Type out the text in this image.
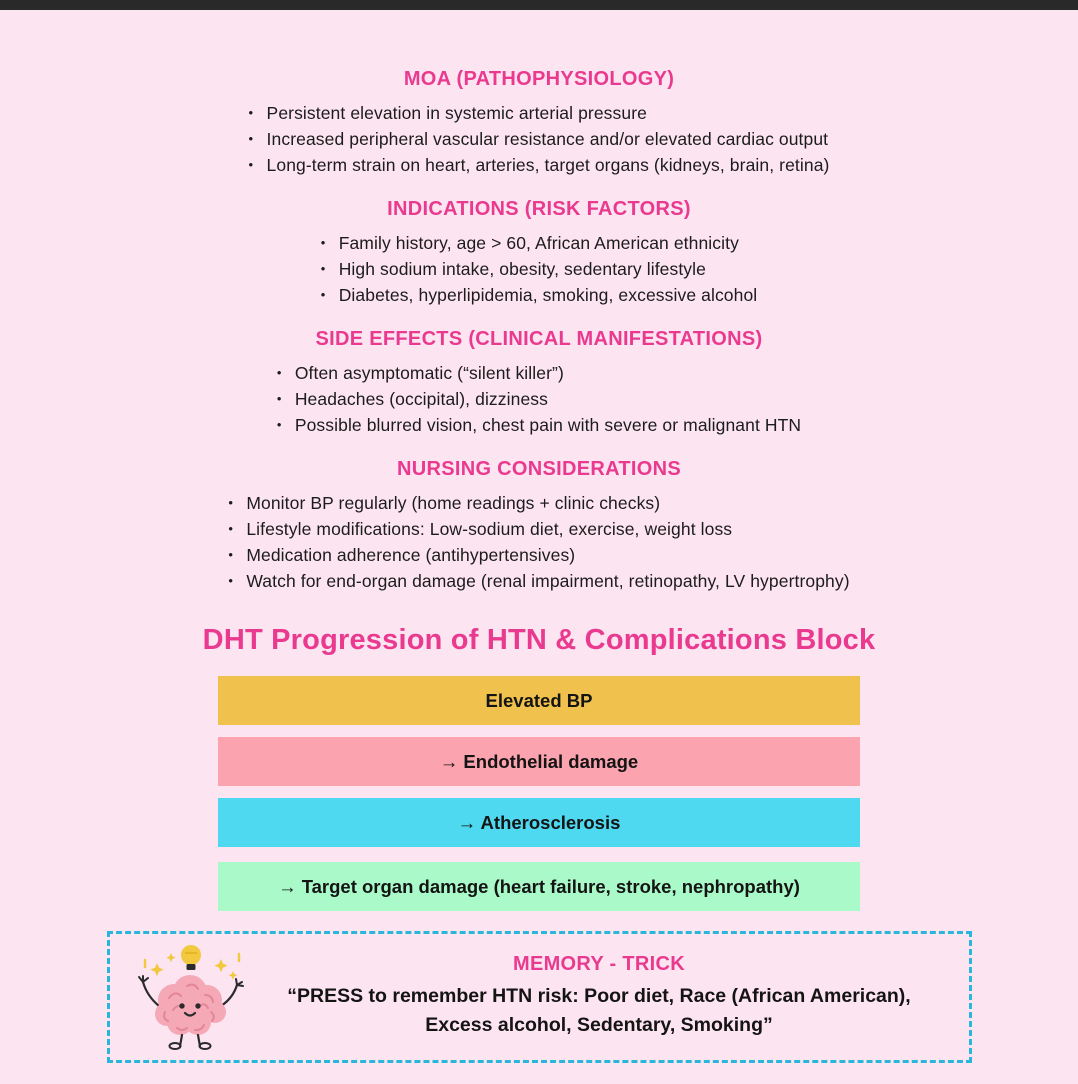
MOA (PATHOPHYSIOLOGY)
• Persistent elevation in systemic arterial pressure
• Increased peripheral vascular resistance and/or elevated cardiac output
• Long-term strain on heart, arteries, target organs (kidneys, brain, retina)
INDICATIONS (RISK FACTORS)
• Family history, age > 60, African American ethnicity
• High sodium intake, obesity, sedentary lifestyle
• Diabetes, hyperlipidemia, smoking, excessive alcohol
SIDE EFFECTS (CLINICAL MANIFESTATIONS)
• Often asymptomatic (“silent killer”)
• Headaches (occipital), dizziness
• Possible blurred vision, chest pain with severe or malignant HTN
NURSING CONSIDERATIONS
• Monitor BP regularly (home readings + clinic checks)
• Lifestyle modifications: Low-sodium diet, exercise, weight loss
• Medication adherence (antihypertensives)
• Watch for end-organ damage (renal impairment, retinopathy, LV hypertrophy)
DHT Progression of HTN & Complications Block
Elevated BP
→ Endothelial damage
→ Atherosclerosis
→ Target organ damage (heart failure, stroke, nephropathy)
MEMORY - TRICK

“PRESS to remember HTN risk: Poor diet, Race (African American), Excess alcohol, Sedentary, Smoking”
